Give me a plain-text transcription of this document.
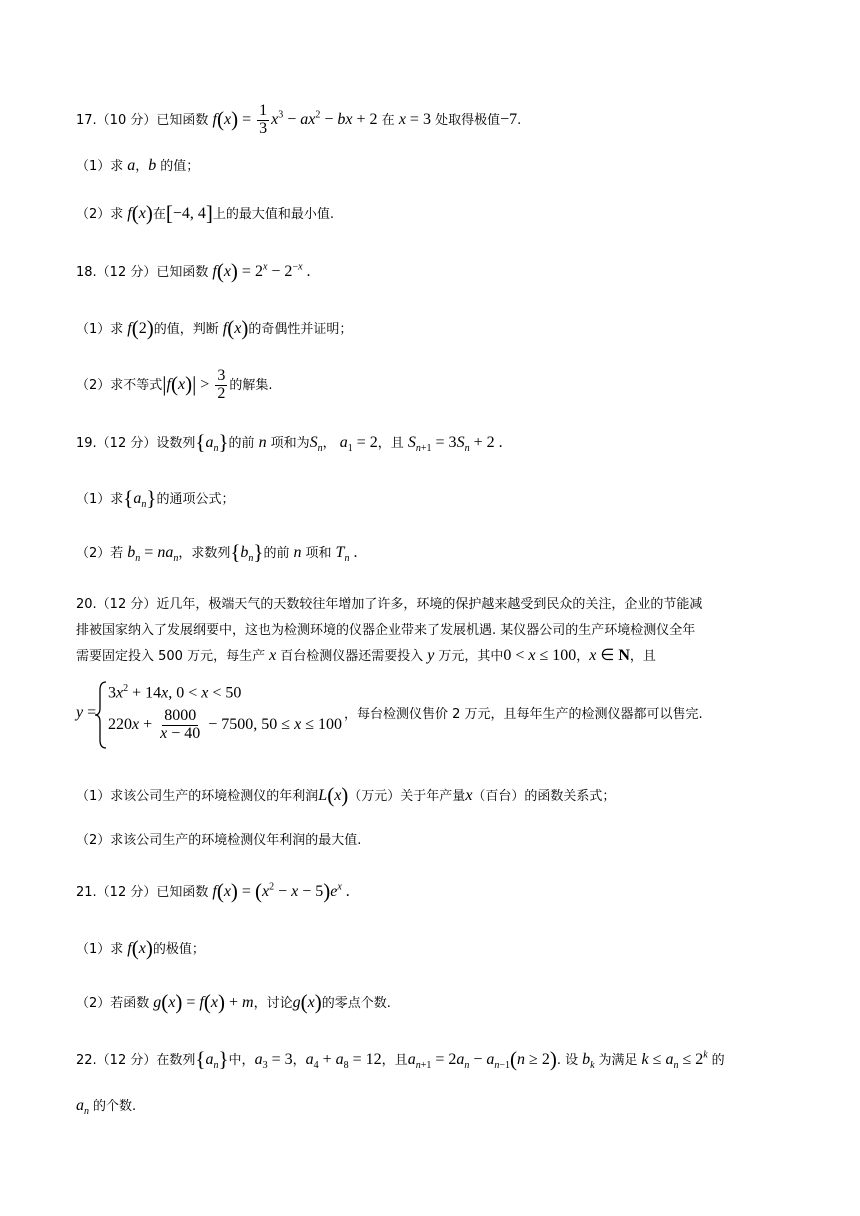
17.（10 分）已知函数 $f(x) = \frac{1}{3} x^3 - ax^2$ − bx + 2 在 x = 3 处取得极值−7.
（1）求 a，b 的值；
（2）求 f(x)在[−4, 4]上的最大值和最小值.
18.（12 分）已知函数 $f(x) = 2^x - 2^{-x}$ .
（1）求 f(2)的值，判断 f(x)的奇偶性并证明；
（2）求不等式$|f(x)| > \frac{3}{2}$ 的解集.
19.（12 分）设数列$\{a_n\}$的前 n 项和为$S_n$， $a_1 = 2$，且 $S_{n+1} = 3S_n + 2$ .
（1）求$\{a_n\}$的通项公式；
（2）若 $b_n = na_n$，求数列$\{b_n\}$的前 n 项和 $T_n$ .
20.（12 分）近几年，极端天气的天数较往年增加了许多，环境的保护越来越受到民众的关注，企业的节能减
排被国家纳入了发展纲要中，这也为检测环境的仪器企业带来了发展机遇. 某仪器公司的生产环境检测仪全年
需要固定投入 500 万元，每生产 x 百台检测仪器还需要投入 y 万元，其中0 < x ≤ 100，x ∈ N，且
y =
$3x^2 + 14x$, 0 < x < 50
$220x + \frac{8000}{x - 40} - 7500$, 50 ≤ x ≤ 100
，每台检测仪售价 2 万元，且每年生产的检测仪器都可以售完.
（1）求该公司生产的环境检测仪的年利润L(x)（万元）关于年产量x（百台）的函数关系式；
（2）求该公司生产的环境检测仪年利润的最大值.
21.（12 分）已知函数 $f(x) = (x^2 - x - 5)e^x$ .
（1）求 f(x)的极值；
（2）若函数 g(x) = f(x) + m，讨论g(x)的零点个数.
22.（12 分）在数列$\{a_n\}$中，$a_3 = 3$，$a_4 + a_8 = 12$，且$a_{n+1} = 2a_n - a_{n-1}(n \ge 2)$. 设 $b_k$ 为满足 $k \le a_n \le 2^k$ 的
$a_n$ 的个数.
